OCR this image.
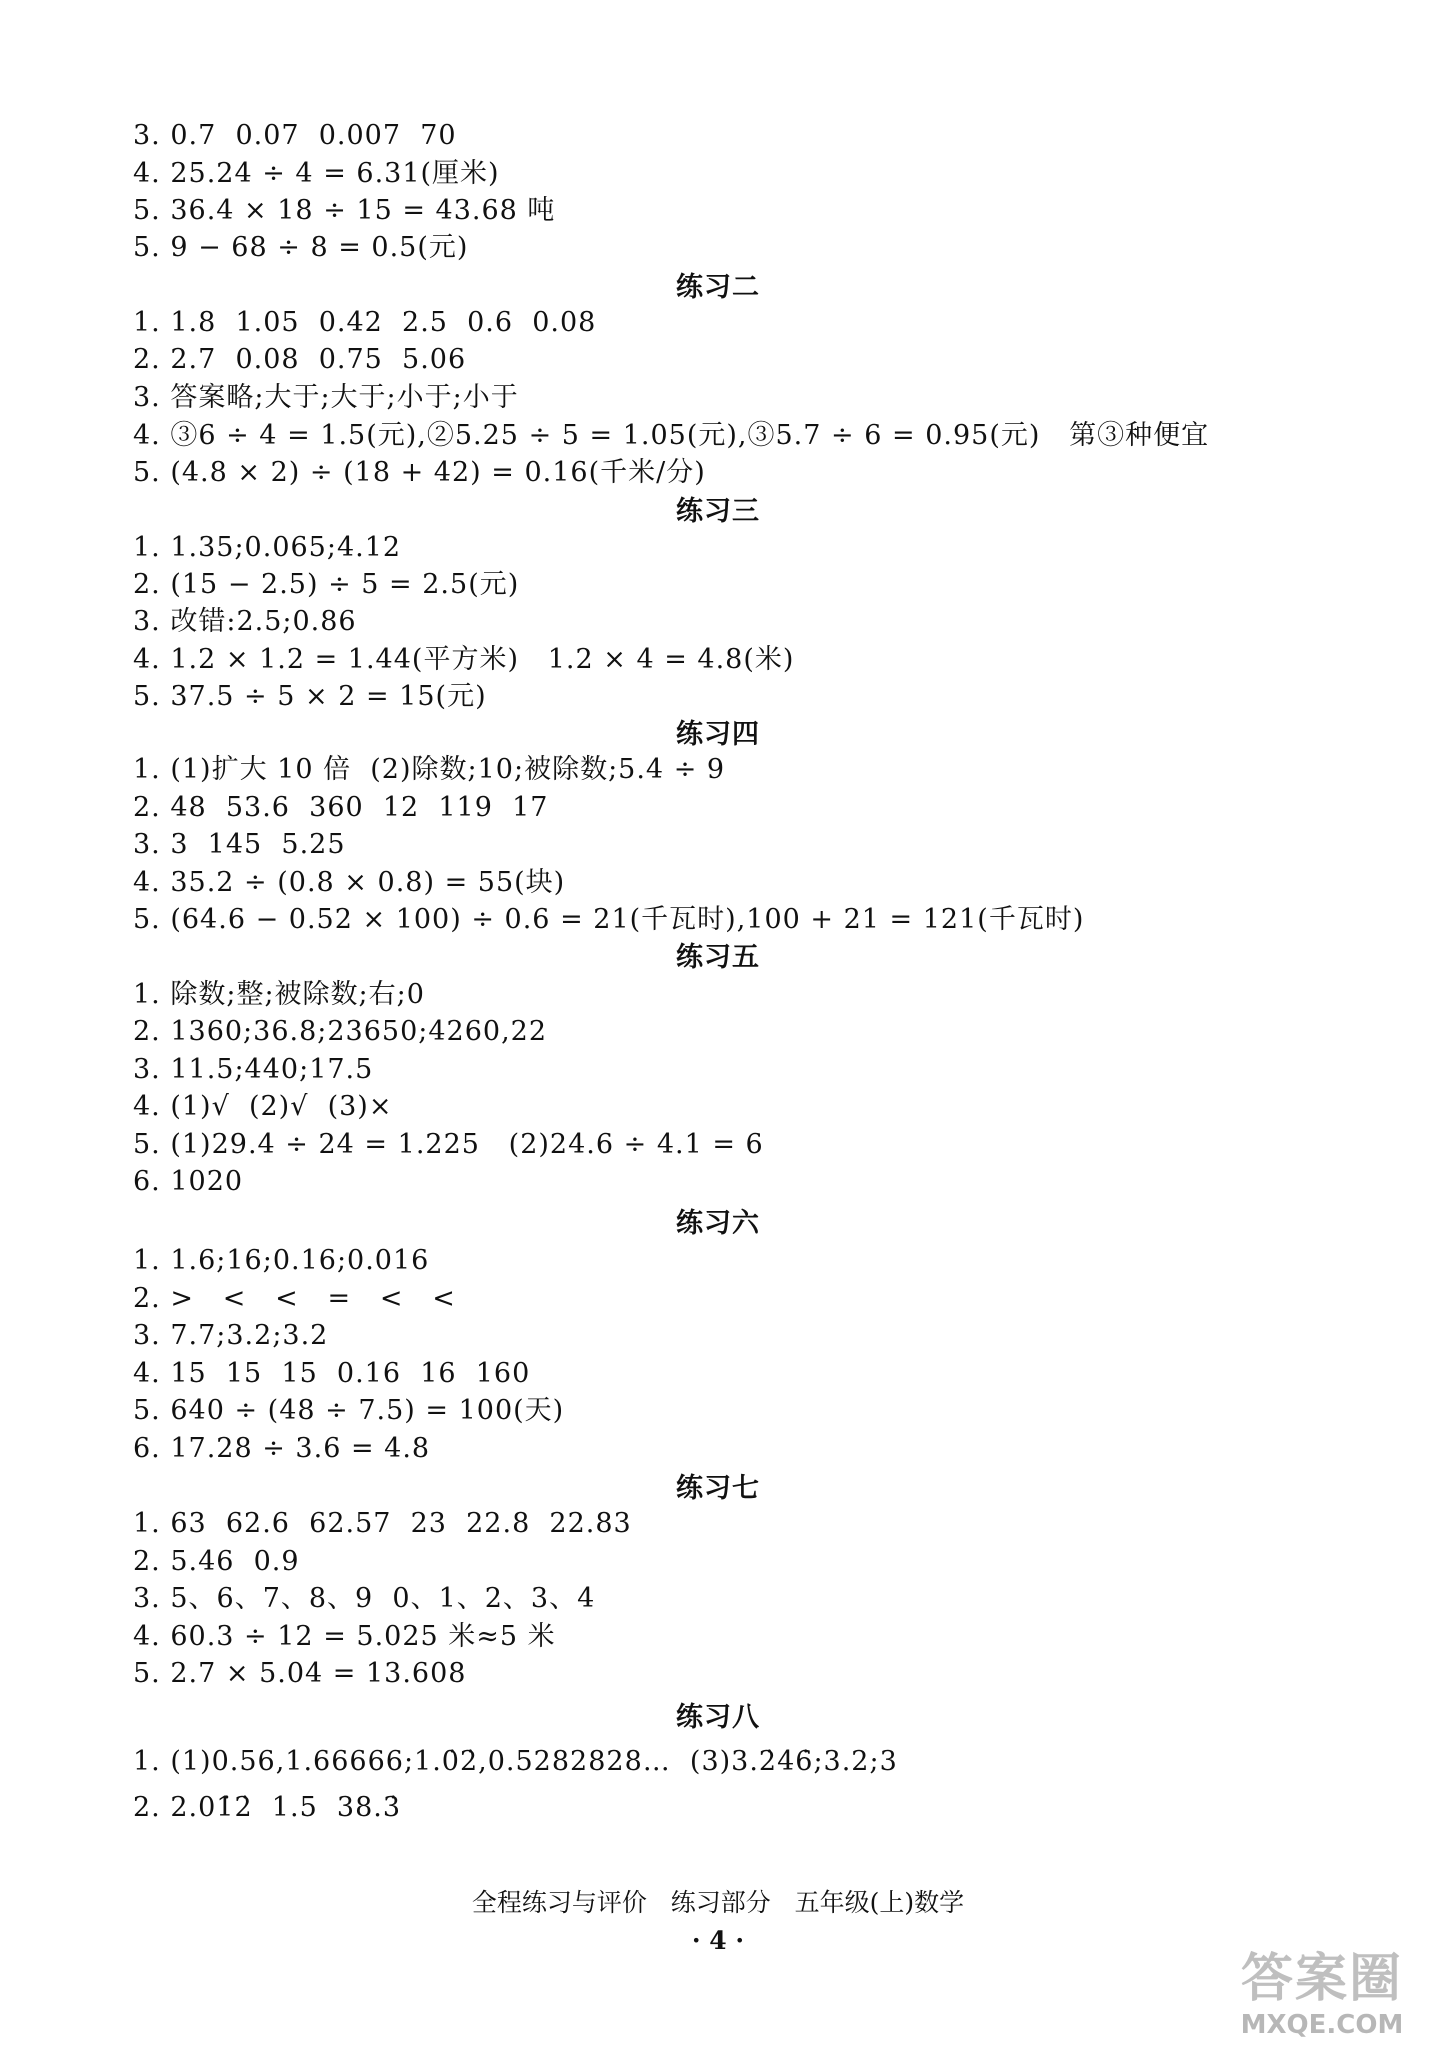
3. 0.7  0.07  0.007  70
4. 25.24 ÷ 4 = 6.31(厘米)
5. 36.4 × 18 ÷ 15 = 43.68 吨
5. 9 − 68 ÷ 8 = 0.5(元)
练习二
1. 1.8  1.05  0.42  2.5  0.6  0.08
2. 2.7  0.08  0.75  5.06
3. 答案略;大于;大于;小于;小于
4. ③6 ÷ 4 = 1.5(元),②5.25 ÷ 5 = 1.05(元),③5.7 ÷ 6 = 0.95(元)   第③种便宜
5. (4.8 × 2) ÷ (18 + 42) = 0.16(千米/分)
练习三
1. 1.35;0.065;4.12
2. (15 − 2.5) ÷ 5 = 2.5(元)
3. 改错:2.5;0.86
4. 1.2 × 1.2 = 1.44(平方米)   1.2 × 4 = 4.8(米)
5. 37.5 ÷ 5 × 2 = 15(元)
练习四
1. (1)扩大 10 倍  (2)除数;10;被除数;5.4 ÷ 9
2. 48  53.6  360  12  119  17
3. 3  145  5.25
4. 35.2 ÷ (0.8 × 0.8) = 55(块)
5. (64.6 − 0.52 × 100) ÷ 0.6 = 21(千瓦时),100 + 21 = 121(千瓦时)
练习五
1. 除数;整;被除数;右;0
2. 1360;36.8;23650;4260,22
3. 11.5;440;17.5
4. (1)√  (2)√  (3)×
5. (1)29.4 ÷ 24 = 1.225   (2)24.6 ÷ 4.1 = 6
6. 1020
练习六
1. 1.6;16;0.16;0.016
2. >   <   <   =   <   <
3. 7.7;3.2;3.2
4. 15  15  15  0.16  16  160
5. 640 ÷ (48 ÷ 7.5) = 100(天)
6. 17.28 ÷ 3.6 = 4.8
练习七
1. 63  62.6  62.57  23  22.8  22.83
2. 5.46  0.9
3. 5、6、7、8、9  0、1、2、3、4
4. 60.3 ÷ 12 = 5.025 米≈5 米
5. 2.7 × 5.04 = 13.608
练习八
1. (1)0.56,1.66666;1.0̇2̇,0.5282828…  (3)3.2̇46̇;3.2;3
2. 2.01̇2̇  1.5  38.3̇
全程练习与评价   练习部分   五年级(上)数学
· 4 ·
答案圈
MXQE.COM
